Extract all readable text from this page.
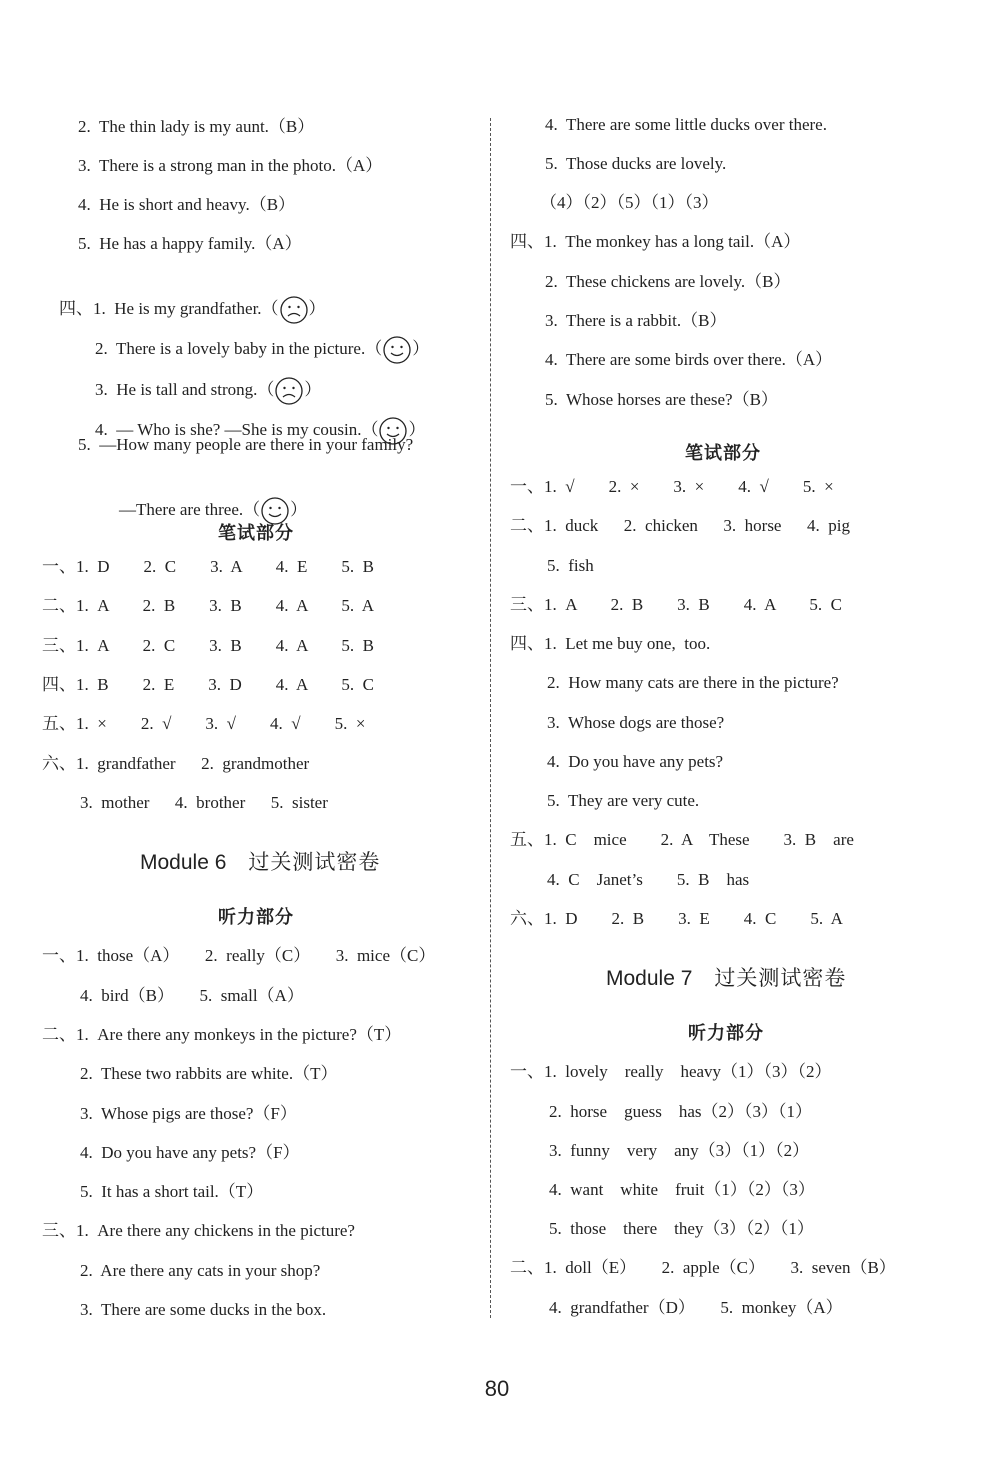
2.  The thin lady is my aunt.（B）
3.  There is a strong man in the photo.（A）
4.  He is short and heavy.（B）
5.  He has a happy family.（A）

四、1.  He is my grandfather.（ ）

2.  There is a lovely baby in the picture.（ ）

3.  He is tall and strong.（ ）

4.  — Who is she? —She is my cousin.（ ）

5.  —How many people are there in your family?

—There are three.（ ）

笔试部分
一、1.  D        2.  C        3.  A        4.  E        5.  B
二、1.  A        2.  B        3.  B        4.  A        5.  A
三、1.  A        2.  C        3.  B        4.  A        5.  B
四、1.  B        2.  E        3.  D        4.  A        5.  C
五、1.  ×        2.  √        3.  √        4.  √        5.  ×
六、1.  grandfather      2.  grandmother
3.  mother      4.  brother      5.  sister
Module 6 过关测试密卷
听力部分
一、1.  those（A）      2.  really（C）      3.  mice（C）
4.  bird（B）      5.  small（A）
二、1.  Are there any monkeys in the picture?（T）
2.  These two rabbits are white.（T）
3.  Whose pigs are those?（F）
4.  Do you have any pets?（F）
5.  It has a short tail.（T）
三、1.  Are there any chickens in the picture?
2.  Are there any cats in your shop?
3.  There are some ducks in the box.
4.  There are some little ducks over there.
5.  Those ducks are lovely.
（4）（2）（5）（1）（3）
四、1.  The monkey has a long tail.（A）
2.  These chickens are lovely.（B）
3.  There is a rabbit.（B）
4.  There are some birds over there.（A）
5.  Whose horses are these?（B）
笔试部分
一、1.  √        2.  ×        3.  ×        4.  √        5.  ×
二、1.  duck      2.  chicken      3.  horse      4.  pig
5.  fish
三、1.  A        2.  B        3.  B        4.  A        5.  C
四、1.  Let me buy one,  too.
2.  How many cats are there in the picture?
3.  Whose dogs are those?
4.  Do you have any pets?
5.  They are very cute.
五、1.  C    mice        2.  A    These        3.  B    are
4.  C    Janet’s        5.  B    has
六、1.  D        2.  B        3.  E        4.  C        5.  A
Module 7 过关测试密卷
听力部分
一、1.  lovely    really    heavy（1）（3）（2）
2.  horse    guess    has（2）（3）（1）
3.  funny    very    any（3）（1）（2）
4.  want    white    fruit（1）（2）（3）
5.  those    there    they（3）（2）（1）
二、1.  doll（E）      2.  apple（C）      3.  seven（B）
4.  grandfather（D）      5.  monkey（A）
80
